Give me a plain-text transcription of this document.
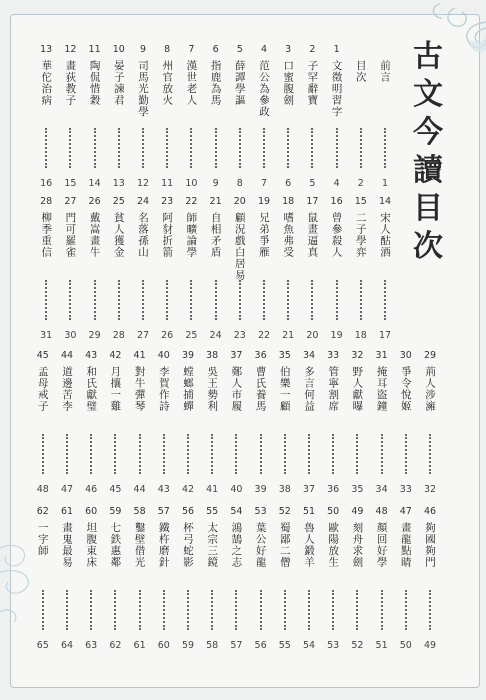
古
文
今
讀
目
次
前言
1
目次
2
1
文徵明習字
4
2
子罕辭寶
5
3
口蜜腹劍
6
4
范公為參政
7
5
薛譚學謳
8
6
指鹿為馬
9
7
漢世老人
10
8
州官放火
11
9
司馬光勤學
12
10
晏子諫君
13
11
陶侃惜穀
14
12
畫荻教子
15
13
華佗治病
16
14
宋人酤酒
17
15
二子學弈
18
16
曾參殺人
19
17
鼠畫逼真
20
18
嗜魚弗受
21
19
兄弟爭雁
22
20
顧況戲白居易
23
21
自相矛盾
24
22
師曠論學
25
23
阿豺折箭
26
24
名落孫山
27
25
貧人獲金
28
26
戴嵩畫牛
29
27
門可羅雀
30
28
柳季重信
31
29
荊人涉澭
32
30
爭令悅姬
33
31
掩耳盜鐘
34
32
野人獻曝
35
33
管寧割席
36
34
多言何益
37
35
伯樂一顧
38
36
曹氏養馬
39
37
鄭人市履
40
38
吳王勢利
41
39
螳螂捕蟬
42
40
李賀作詩
43
41
對牛彈琴
44
42
月攘一雞
45
43
和氏獻璧
46
44
道邊苦李
47
45
孟母戒子
48
46
夠國夠門
49
47
畫龍點睛
50
48
顏回好學
51
49
刻舟求劍
52
50
歐陽放生
53
51
魯人鍛羊
54
52
蜀鄙二僧
55
53
葉公好龍
56
54
鴻鵠之志
57
55
太宗三鏡
58
56
杯弓蛇影
59
57
鐵杵磨針
60
58
鑿壁借光
61
59
七鉄惠鄰
62
60
坦腹東床
63
61
畫鬼最易
64
62
一字師
65
